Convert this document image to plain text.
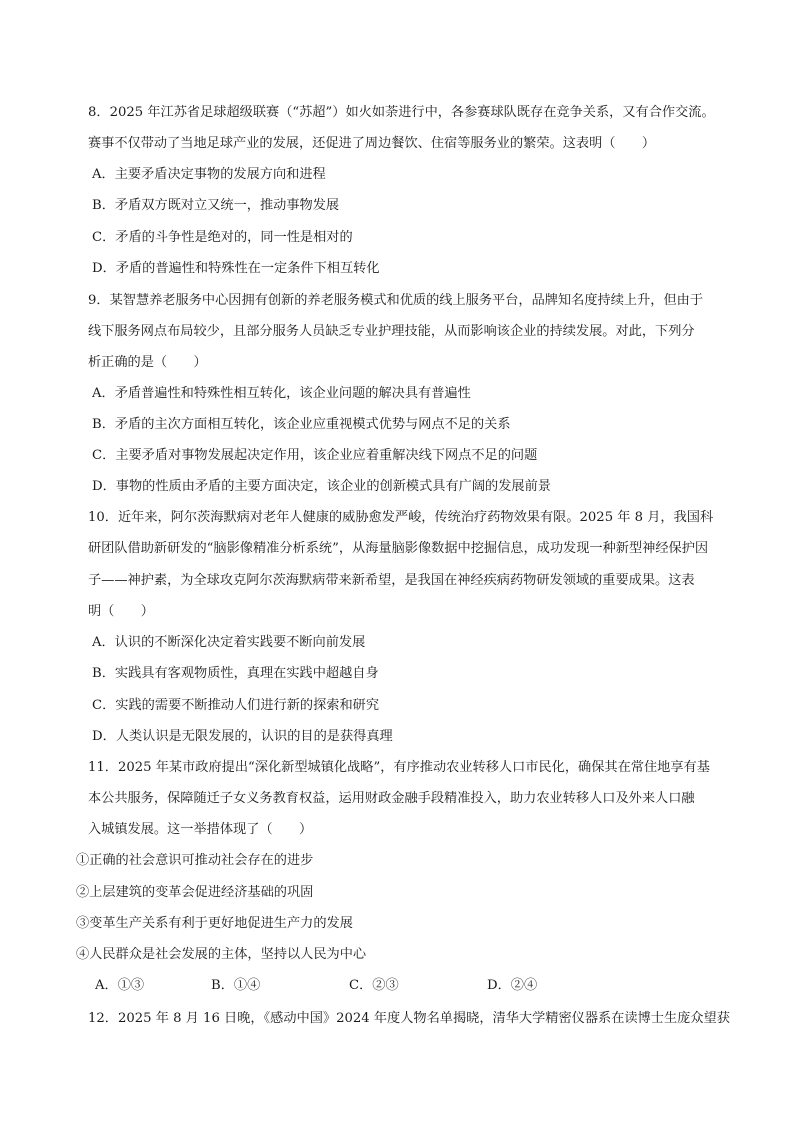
8．2025 年江苏省足球超级联赛（“苏超”）如火如荼进行中，各参赛球队既存在竞争关系，又有合作交流。
赛事不仅带动了当地足球产业的发展，还促进了周边餐饮、住宿等服务业的繁荣。这表明（　　）
A．主要矛盾决定事物的发展方向和进程
B．矛盾双方既对立又统一，推动事物发展
C．矛盾的斗争性是绝对的，同一性是相对的
D．矛盾的普遍性和特殊性在一定条件下相互转化
9．某智慧养老服务中心因拥有创新的养老服务模式和优质的线上服务平台，品牌知名度持续上升，但由于
线下服务网点布局较少，且部分服务人员缺乏专业护理技能，从而影响该企业的持续发展。对此，下列分
析正确的是（　　）
A．矛盾普遍性和特殊性相互转化，该企业问题的解决具有普遍性
B．矛盾的主次方面相互转化，该企业应重视模式优势与网点不足的关系
C．主要矛盾对事物发展起决定作用，该企业应着重解决线下网点不足的问题
D．事物的性质由矛盾的主要方面决定，该企业的创新模式具有广阔的发展前景
10．近年来，阿尔茨海默病对老年人健康的威胁愈发严峻，传统治疗药物效果有限。2025 年 8 月，我国科
研团队借助新研发的“脑影像精准分析系统”，从海量脑影像数据中挖掘信息，成功发现一种新型神经保护因
子——神护素，为全球攻克阿尔茨海默病带来新希望，是我国在神经疾病药物研发领域的重要成果。这表
明（　　）
A．认识的不断深化决定着实践要不断向前发展
B．实践具有客观物质性，真理在实践中超越自身
C．实践的需要不断推动人们进行新的探索和研究
D．人类认识是无限发展的，认识的目的是获得真理
11．2025 年某市政府提出“深化新型城镇化战略”，有序推动农业转移人口市民化，确保其在常住地享有基
本公共服务，保障随迁子女义务教育权益，运用财政金融手段精准投入，助力农业转移人口及外来人口融
入城镇发展。这一举措体现了（　　）
①正确的社会意识可推动社会存在的进步
②上层建筑的变革会促进经济基础的巩固
③变革生产关系有利于更好地促进生产力的发展
④人民群众是社会发展的主体，坚持以人民为中心
A．①③	B．①④	C．②③	D．②④
12．2025 年 8 月 16 日晚，《感动中国》2024 年度人物名单揭晓，清华大学精密仪器系在读博士生庞众望获
